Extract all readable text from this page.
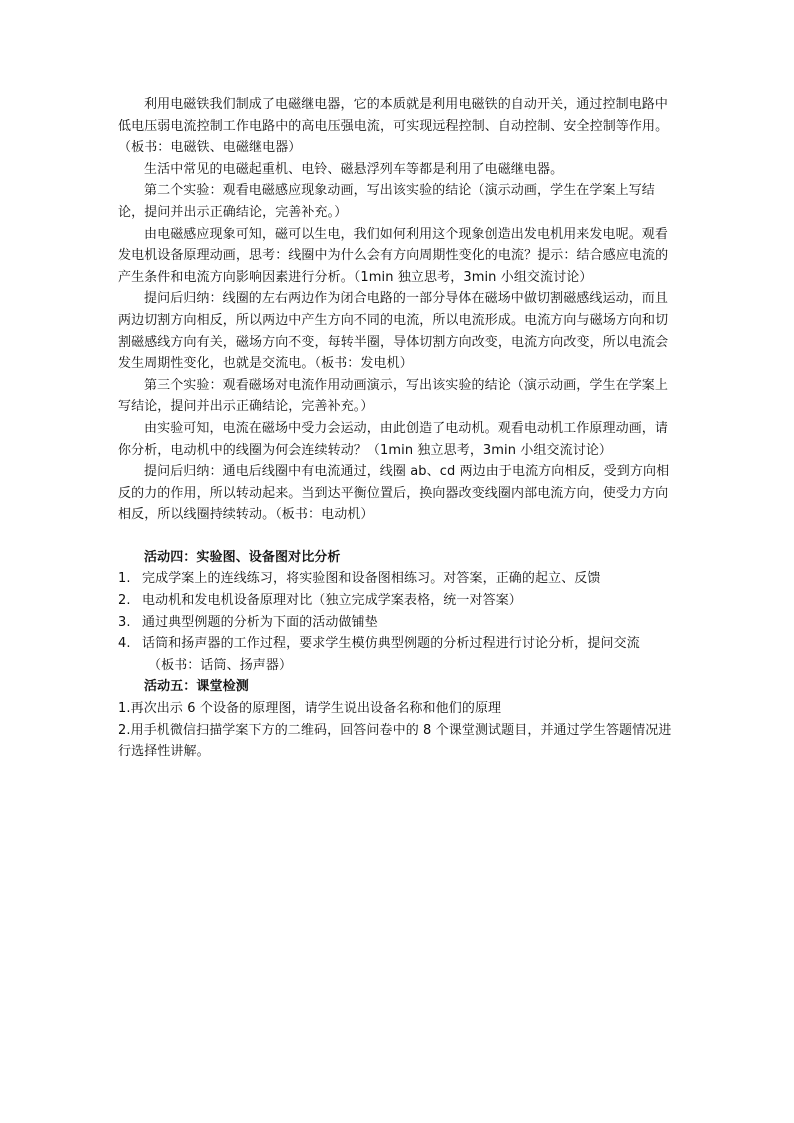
利用电磁铁我们制成了电磁继电器，它的本质就是利用电磁铁的自动开关，通过控制电路中低电压弱电流控制工作电路中的高电压强电流，可实现远程控制、自动控制、安全控制等作用。（板书：电磁铁、电磁继电器）

生活中常见的电磁起重机、电铃、磁悬浮列车等都是利用了电磁继电器。

第二个实验：观看电磁感应现象动画，写出该实验的结论（演示动画，学生在学案上写结论，提问并出示正确结论，完善补充。）

由电磁感应现象可知，磁可以生电，我们如何利用这个现象创造出发电机用来发电呢。观看发电机设备原理动画，思考：线圈中为什么会有方向周期性变化的电流？提示：结合感应电流的产生条件和电流方向影响因素进行分析。（1min 独立思考，3min 小组交流讨论）

提问后归纳：线圈的左右两边作为闭合电路的一部分导体在磁场中做切割磁感线运动，而且两边切割方向相反，所以两边中产生方向不同的电流，所以电流形成。电流方向与磁场方向和切割磁感线方向有关，磁场方向不变，每转半圈，导体切割方向改变，电流方向改变，所以电流会发生周期性变化，也就是交流电。（板书：发电机）

第三个实验：观看磁场对电流作用动画演示，写出该实验的结论（演示动画，学生在学案上写结论，提问并出示正确结论，完善补充。）

由实验可知，电流在磁场中受力会运动，由此创造了电动机。观看电动机工作原理动画，请你分析，电动机中的线圈为何会连续转动？（1min 独立思考，3min 小组交流讨论）

提问后归纳：通电后线圈中有电流通过，线圈 ab、cd 两边由于电流方向相反，受到方向相反的力的作用，所以转动起来。当到达平衡位置后，换向器改变线圈内部电流方向，使受力方向相反，所以线圈持续转动。（板书：电动机）

活动四：实验图、设备图对比分析

1. 完成学案上的连线练习，将实验图和设备图相练习。对答案，正确的起立、反馈

2. 电动机和发电机设备原理对比（独立完成学案表格，统一对答案）

3. 通过典型例题的分析为下面的活动做铺垫

4. 话筒和扬声器的工作过程，要求学生模仿典型例题的分析过程进行讨论分析，提问交流

（板书：话筒、扬声器）

活动五：课堂检测

1.再次出示 6 个设备的原理图，请学生说出设备名称和他们的原理

2.用手机微信扫描学案下方的二维码，回答问卷中的 8 个课堂测试题目，并通过学生答题情况进行选择性讲解。
